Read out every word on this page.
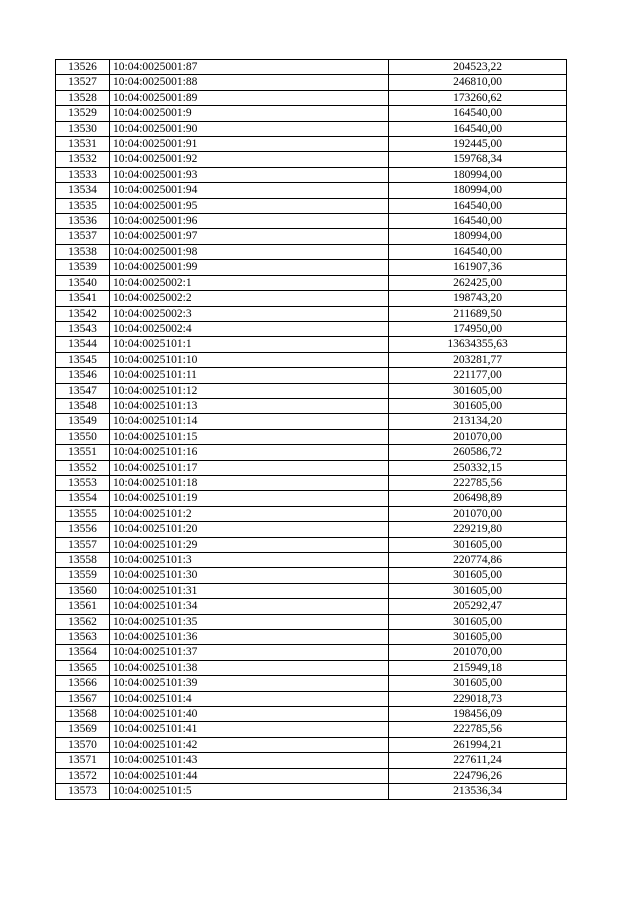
13526	10:04:0025001:87	204523,22
13527	10:04:0025001:88	246810,00
13528	10:04:0025001:89	173260,62
13529	10:04:0025001:9	164540,00
13530	10:04:0025001:90	164540,00
13531	10:04:0025001:91	192445,00
13532	10:04:0025001:92	159768,34
13533	10:04:0025001:93	180994,00
13534	10:04:0025001:94	180994,00
13535	10:04:0025001:95	164540,00
13536	10:04:0025001:96	164540,00
13537	10:04:0025001:97	180994,00
13538	10:04:0025001:98	164540,00
13539	10:04:0025001:99	161907,36
13540	10:04:0025002:1	262425,00
13541	10:04:0025002:2	198743,20
13542	10:04:0025002:3	211689,50
13543	10:04:0025002:4	174950,00
13544	10:04:0025101:1	13634355,63
13545	10:04:0025101:10	203281,77
13546	10:04:0025101:11	221177,00
13547	10:04:0025101:12	301605,00
13548	10:04:0025101:13	301605,00
13549	10:04:0025101:14	213134,20
13550	10:04:0025101:15	201070,00
13551	10:04:0025101:16	260586,72
13552	10:04:0025101:17	250332,15
13553	10:04:0025101:18	222785,56
13554	10:04:0025101:19	206498,89
13555	10:04:0025101:2	201070,00
13556	10:04:0025101:20	229219,80
13557	10:04:0025101:29	301605,00
13558	10:04:0025101:3	220774,86
13559	10:04:0025101:30	301605,00
13560	10:04:0025101:31	301605,00
13561	10:04:0025101:34	205292,47
13562	10:04:0025101:35	301605,00
13563	10:04:0025101:36	301605,00
13564	10:04:0025101:37	201070,00
13565	10:04:0025101:38	215949,18
13566	10:04:0025101:39	301605,00
13567	10:04:0025101:4	229018,73
13568	10:04:0025101:40	198456,09
13569	10:04:0025101:41	222785,56
13570	10:04:0025101:42	261994,21
13571	10:04:0025101:43	227611,24
13572	10:04:0025101:44	224796,26
13573	10:04:0025101:5	213536,34
